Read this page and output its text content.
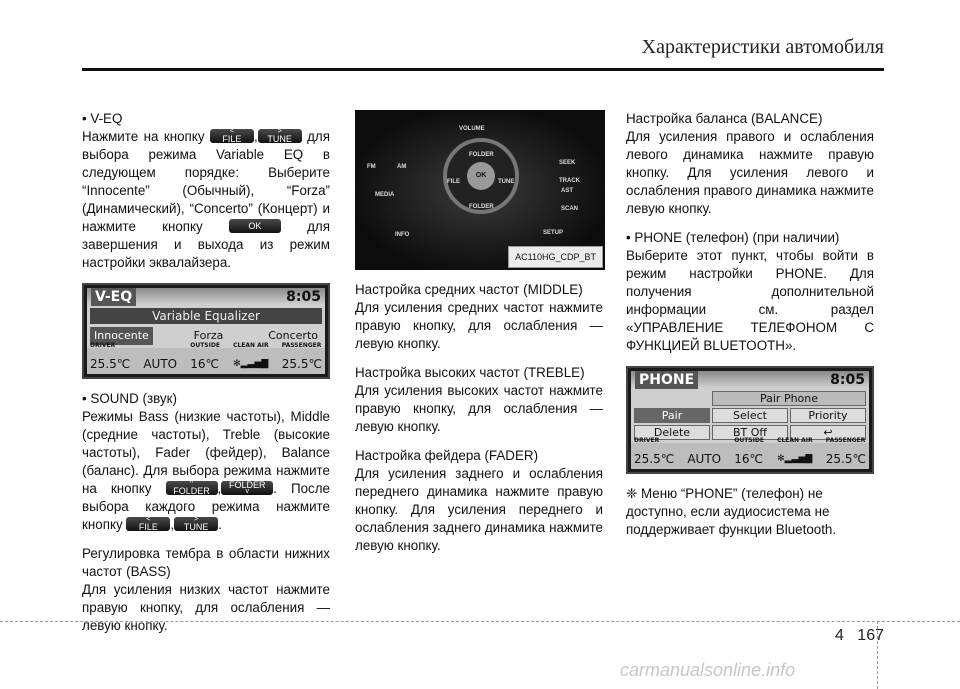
Характеристики автомобиля

• V-EQ

Нажмите на кнопку	<
FILE ,	>
TUNE для выбора режима Variable EQ в следующем порядке: Выберите “Innocente” (Обычный), “Forza” (Динамический), “Concerto” (Концерт) и нажмите кнопку	OK	для завершения и выхода из режим настройки эквалайзера.

V-EQ	8:05
Variable Equalizer
Innocente	Forza	Concerto
DRIVER
25.5℃ AUTO
OUTSIDE
16℃
CLEAN AIR
✻▂▃▅▇
PASSENGER
25.5℃

• SOUND (звук)

Режимы Bass (низкие частоты), Middle (средние частоты), Treble (высокие частоты), Fader (фейдер), Balance (баланс). Для выбора режима нажмите на кнопку	^
FOLDER , FOLDER
v	. После выбора каждого режима нажмите кнопку	<
FILE ,	>
TUNE .

Регулировка тембра в области нижних частот (BASS)

Для усиления низких частот нажмите правую кнопку, для ослабления — левую кнопку.

VOLUME
FM	AM
MEDIA
INFO
SEEK TRACK
AST SCAN
SETUP
FOLDER
FILE	TUNE
FOLDER
OK
AC110HG_CDP_BT

Настройка средних частот (MIDDLE)

Для усиления средних частот нажмите правую кнопку, для ослабления — левую кнопку.

Настройка высоких частот (TREBLE)

Для усиления высоких частот нажмите правую кнопку, для ослабления — левую кнопку.

Настройка фейдера (FADER)

Для усиления заднего и ослабления переднего динамика нажмите правую кнопку. Для усиления переднего и ослабления заднего динамика нажмите левую кнопку.

Настройка баланса (BALANCE)

Для усиления правого и ослабления левого динамика нажмите правую кнопку. Для усиления левого и ослабления правого динамика нажмите левую кнопку.

• PHONE (телефон) (при наличии)

Выберите этот пункт, чтобы войти в режим настройки PHONE. Для получения дополнительной информации см. раздел «УПРАВЛЕНИЕ ТЕЛЕФОНОМ С ФУНКЦИЕЙ BLUETOOTH».

PHONE	8:05
Pair Phone
Pair	Select	Priority
Delete	BT Off	↩
DRIVER
25.5℃ AUTO
OUTSIDE
16℃
CLEAN AIR
✻▂▃▅▇
PASSENGER
25.5℃

❈ Меню “PHONE” (телефон) не доступно, если аудиосистема не поддерживает функции Bluetooth.

4 167
carmanualsonline.info
